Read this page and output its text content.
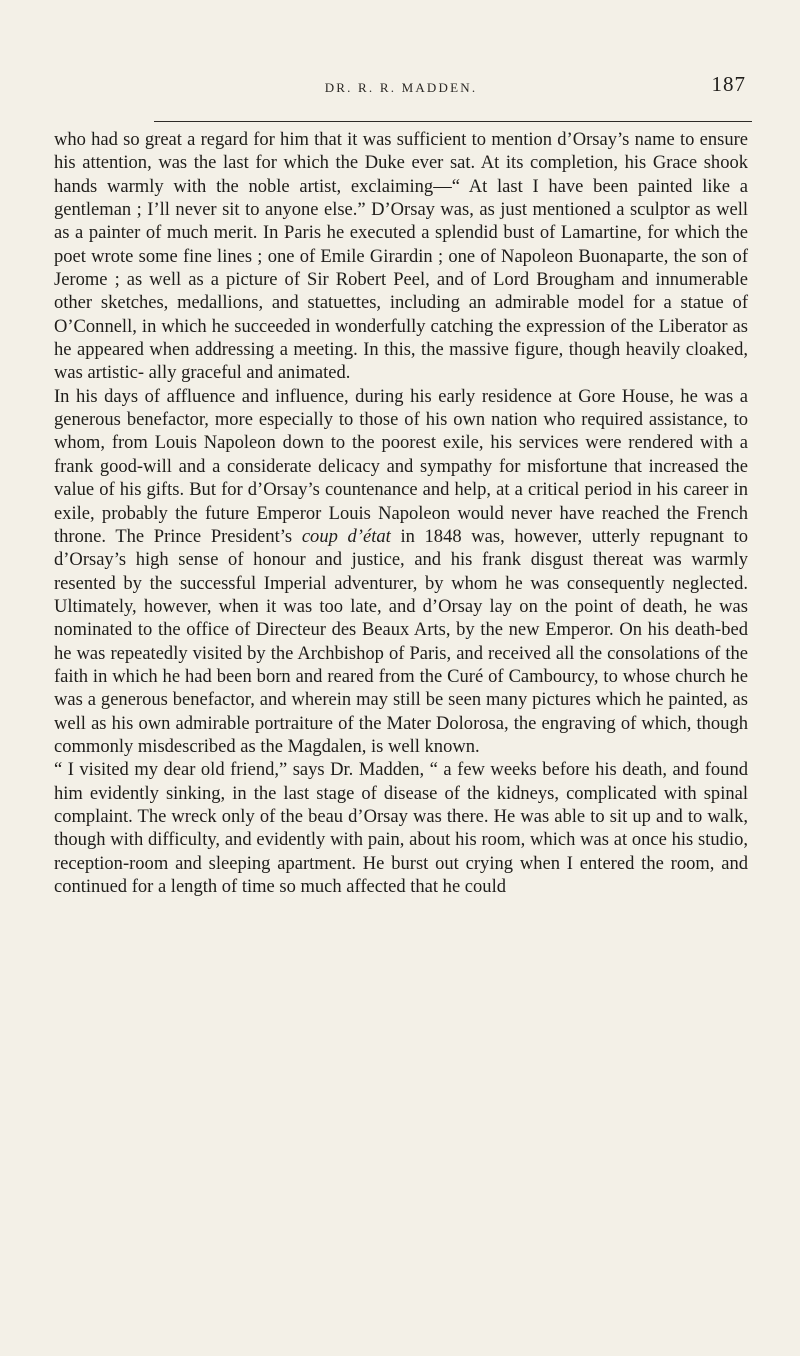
DR. R. R. MADDEN.	187

who had so great a regard for him that it was sufficient to mention d’Orsay’s name to ensure his attention, was the last for which the Duke ever sat. At its completion, his Grace shook hands warmly with the noble artist, exclaiming—“ At last I have been painted like a gentleman ; I’ll never sit to anyone else.” D’Orsay was, as just mentioned a sculptor as well as a painter of much merit. In Paris he executed a splendid bust of Lamartine, for which the poet wrote some fine lines ; one of Emile Girardin ; one of Napoleon Buonaparte, the son of Jerome ; as well as a picture of Sir Robert Peel, and of Lord Brougham and innumerable other sketches, medallions, and statuettes, including an admirable model for a statue of O’Connell, in which he succeeded in wonderfully catching the expression of the Liberator as he appeared when addressing a meeting. In this, the massive figure, though heavily cloaked, was artistic- ally graceful and animated.

In his days of affluence and influence, during his early residence at Gore House, he was a generous benefactor, more especially to those of his own nation who required assistance, to whom, from Louis Napoleon down to the poorest exile, his services were rendered with a frank good-will and a considerate delicacy and sympathy for misfortune that increased the value of his gifts. But for d’Orsay’s countenance and help, at a critical period in his career in exile, probably the future Emperor Louis Napoleon would never have reached the French throne. The Prince President’s coup d’état in 1848 was, however, utterly repugnant to d’Orsay’s high sense of honour and justice, and his frank disgust thereat was warmly resented by the successful Imperial adventurer, by whom he was consequently neglected. Ultimately, however, when it was too late, and d’Orsay lay on the point of death, he was nominated to the office of Directeur des Beaux Arts, by the new Emperor. On his death-bed he was repeatedly visited by the Archbishop of Paris, and received all the consolations of the faith in which he had been born and reared from the Curé of Cambourcy, to whose church he was a generous benefactor, and wherein may still be seen many pictures which he painted, as well as his own admirable portraiture of the Mater Dolorosa, the engraving of which, though commonly misdescribed as the Magdalen, is well known.

“ I visited my dear old friend,” says Dr. Madden, “ a few weeks before his death, and found him evidently sinking, in the last stage of disease of the kidneys, complicated with spinal complaint. The wreck only of the beau d’Orsay was there. He was able to sit up and to walk, though with difficulty, and evidently with pain, about his room, which was at once his studio, reception-room and sleeping apartment. He burst out crying when I entered the room, and continued for a length of time so much affected that he could
